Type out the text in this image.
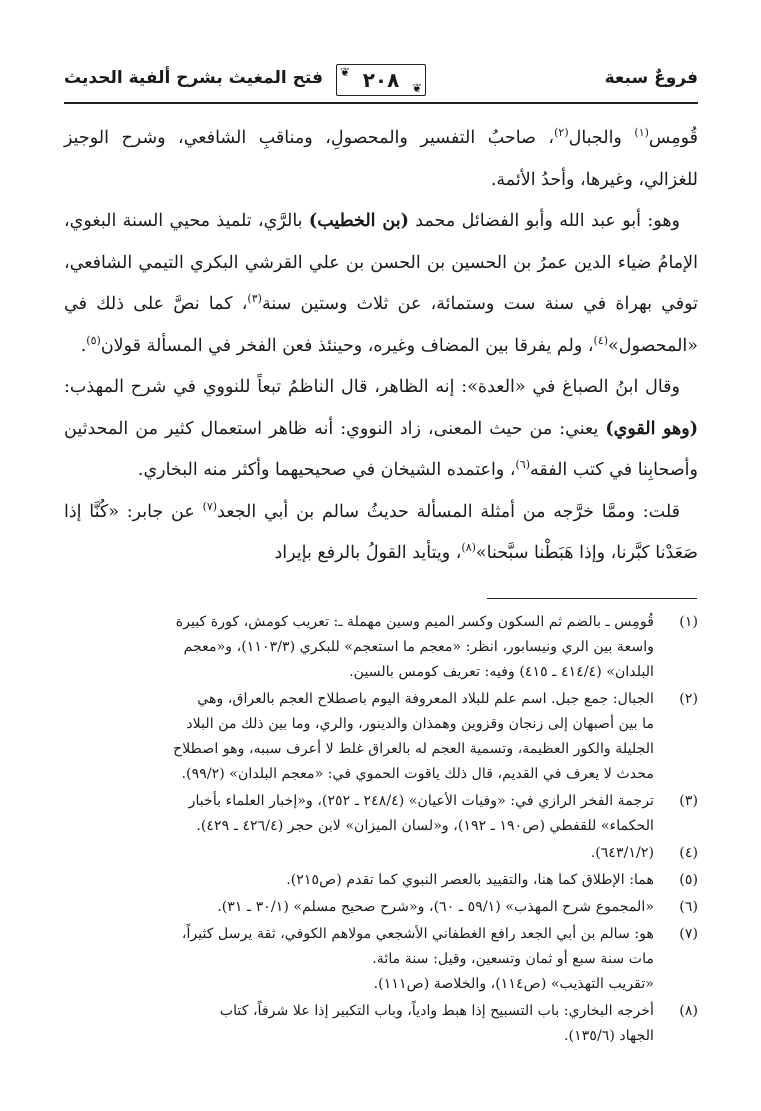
فروعٌ سبعة
❦
❦
٢٠٨
فتح المغيث بشرح ألفية الحديث

قُومِس$^{(١)}$ والجبال$^{(٢)}$، صاحبُ التفسير والمحصولِ، ومناقبِ الشافعي، وشرح الوجيز للغزالي، وغيرها، وأحدُ الأئمة.

وهو: أبو عبد الله وأبو الفضائل محمد (بن الخطيب) بالرَّي، تلميذ محيي السنة البغوي، الإمامُ ضياء الدين عمرُ بن الحسين بن الحسن بن علي القرشي البكري التيمي الشافعي، توفي بهراة في سنة ست وستمائة، عن ثلاث وستين سنة$^{(٣)}$، كما نصَّ على ذلك في «المحصول»$^{(٤)}$، ولم يفرقا بين المضاف وغيره، وحينئذ فعن الفخر في المسألة قولان$^{(٥)}$.

وقال ابنُ الصباغ في «العدة»: إنه الظاهر، قال الناظمُ تبعاً للنووي في شرح المهذب: (وهو القوي) يعني: من حيث المعنى، زاد النووي: أنه ظاهر استعمال كثير من المحدثين وأصحابِنا في كتب الفقه$^{(٦)}$، واعتمده الشيخان في صحيحيهما وأكثر منه البخاري.

قلت: وممَّا خرَّجه من أمثلة المسألة حديثُ سالم بن أبي الجعد$^{(٧)}$ عن جابر: «كُنَّا إذا صَعَدْنا كبَّرنا، وإذا هَبَطْنا سبَّحنا»$^{(٨)}$، ويتأيد القولُ بالرفع بإيراد

(١)
قُومِس ـ بالضم ثم السكون وكسر الميم وسين مهملة ـ: تعريب كومش، كورة كبيرة
واسعة بين الري ونيسابور، انظر: «معجم ما استعجم» للبكري (١١٠٣/٣)، و«معجم
البلدان» (٤١٤/٤ ـ ٤١٥) وفيه: تعريف كومس بالسين.
(٢)
الجبال: جمع جبل. اسم علم للبلاد المعروفة اليوم باصطلاح العجم بالعراق، وهي
ما بين أصبهان إلى زنجان وقزوين وهمذان والدينور، والري، وما بين ذلك من البلاد
الجليلة والكور العظيمة، وتسمية العجم له بالعراق غلط لا أعرف سببه، وهو اصطلاح
محدث لا يعرف في القديم، قال ذلك ياقوت الحموي في: «معجم البلدان» (٩٩/٢).
(٣)
ترجمة الفخر الرازي في: «وفيات الأعيان» (٢٤٨/٤ ـ ٢٥٢)، و«إخبار العلماء بأخبار
الحكماء» للقفطي (ص١٩٠ ـ ١٩٢)، و«لسان الميزان» لابن حجر (٤٢٦/٤ ـ ٤٢٩).
(٤)
(٦٤٣/١/٢).
(٥)
هما: الإطلاق كما هنا، والتقييد بالعصر النبوي كما تقدم (ص٢١٥).
(٦)
«المجموع شرح المهذب» (٥٩/١ ـ ٦٠)، و«شرح صحيح مسلم» (٣٠/١ ـ ٣١).
(٧)
هو: سالم بن أبي الجعد رافع الغطفاني الأشجعي مولاهم الكوفي، ثقة يرسل كثيراً،
مات سنة سبع أو ثمان وتسعين، وقيل: سنة مائة.
«تقريب التهذيب» (ص١١٤)، والخلاصة (ص١١١).
(٨)
أخرجه البخاري: باب التسبيح إذا هبط وادياً، وباب التكبير إذا علا شرفاً، كتاب
الجهاد (١٣٥/٦).
